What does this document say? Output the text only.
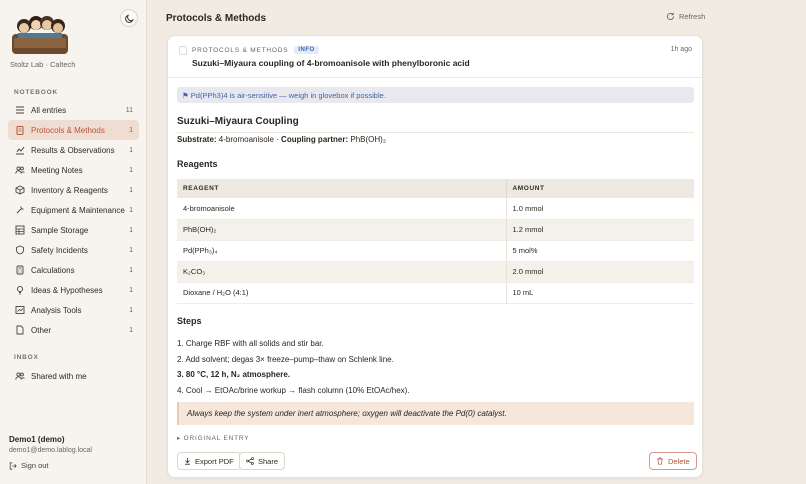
Stoltz Lab · Caltech
NOTEBOOK
All entries	11
Protocols & Methods	1
Results & Observations	1
Meeting Notes	1
Inventory & Reagents	1
Equipment & Maintenance 1
Sample Storage	1
Safety Incidents	1
Calculations	1
Ideas & Hypotheses	1
Analysis Tools	1
Other	1
INBOX
Shared with me
Demo1 (demo)
demo1@demo.lablog.local
Sign out
Protocols & Methods	Refresh
PROTOCOLS & METHODS	INFO	1h ago
Suzuki–Miyaura coupling of 4-bromoanisole with phenylboronic acid
⚑ Pd(PPh3)4 is air-sensitive — weigh in glovebox if possible.
Suzuki–Miyaura Coupling
Substrate: 4-bromoanisole · Coupling partner: PhB(OH)₂
Reagents
REAGENT	AMOUNT
4-bromoanisole	1.0 mmol
PhB(OH)₂	1.2 mmol
Pd(PPh₃)₄	5 mol%
K₂CO₃	2.0 mmol
Dioxane / H₂O (4:1)	10 mL
Steps
1. Charge RBF with all solids and stir bar.
2. Add solvent; degas 3× freeze–pump–thaw on Schlenk line.
3. 80 °C, 12 h, N₂ atmosphere.
4. Cool → EtOAc/brine workup → flash column (10% EtOAc/hex).
Always keep the system under inert atmosphere; oxygen will deactivate the Pd(0) catalyst.
▸ ORIGINAL ENTRY
Export PDF	Share	Delete
